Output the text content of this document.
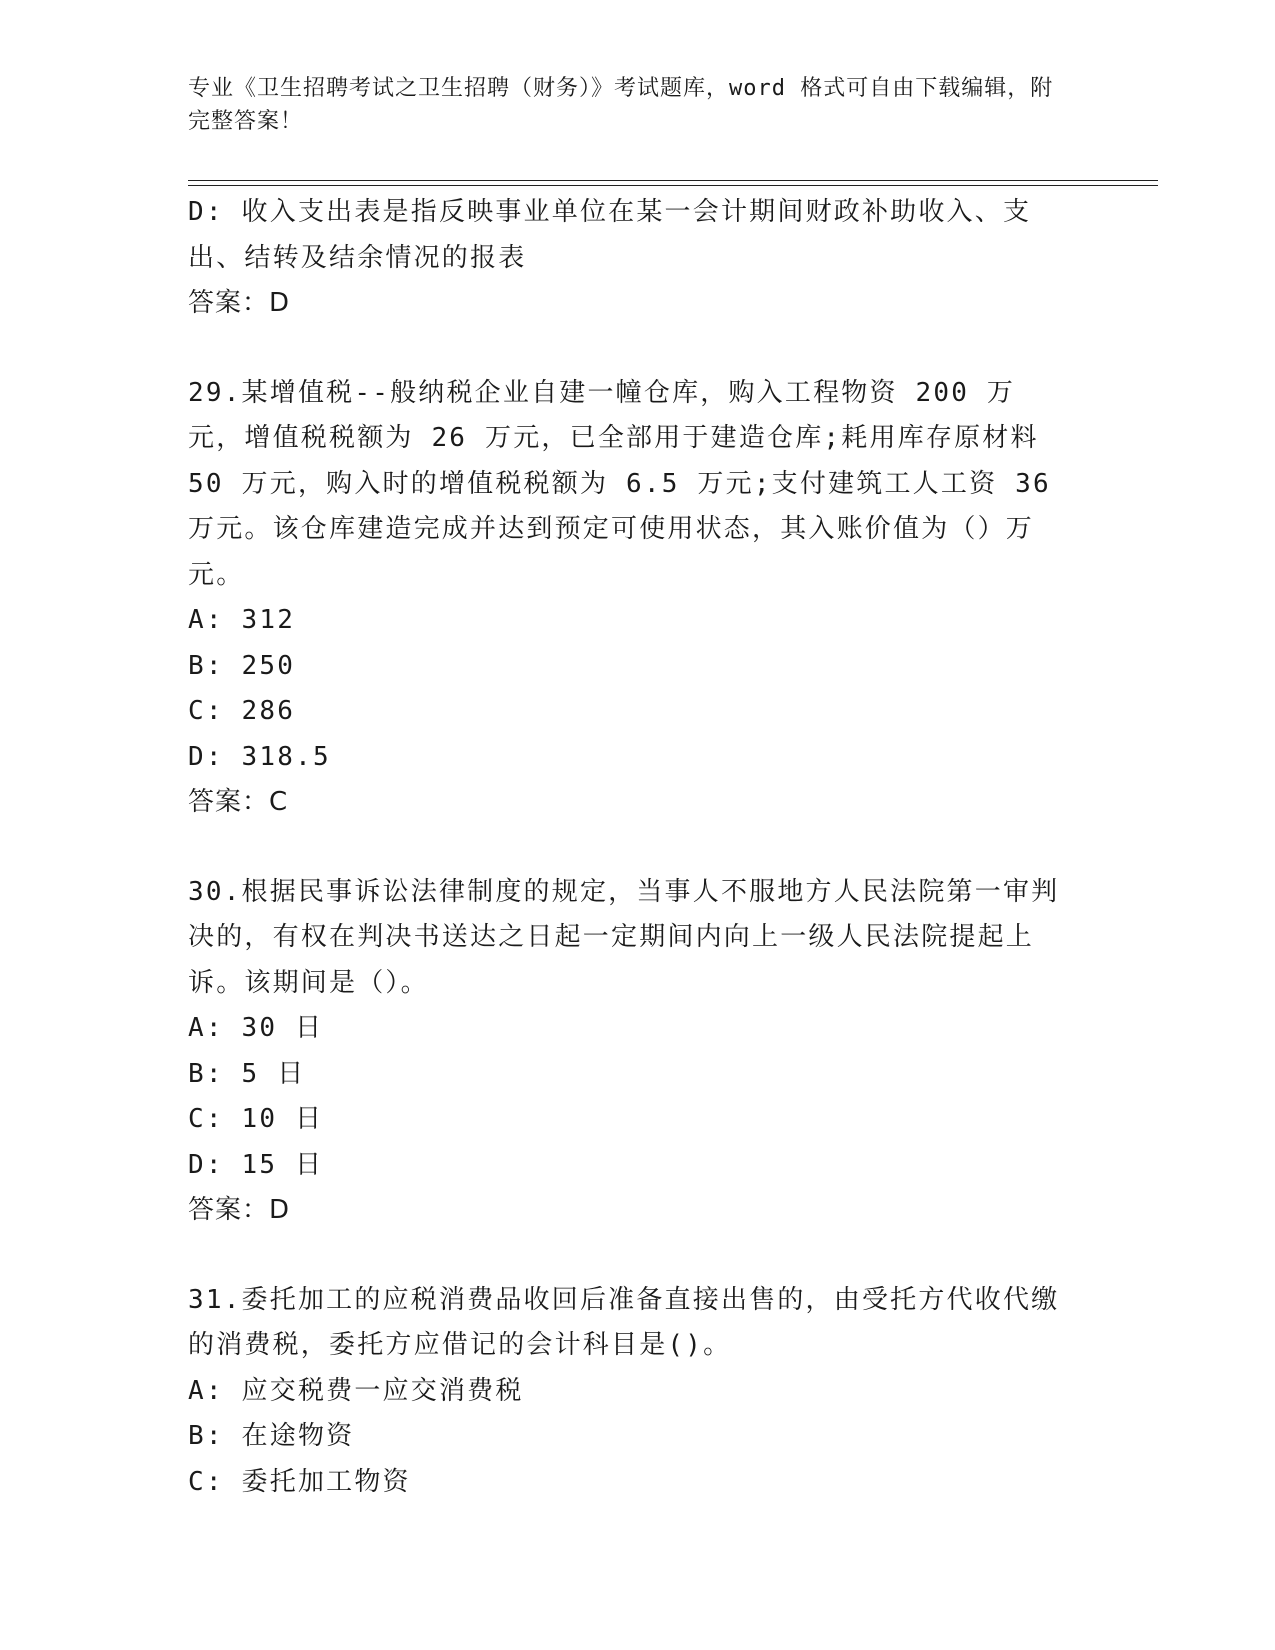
专业《卫生招聘考试之卫生招聘（财务）》考试题库，word 格式可自由下载编辑，附完整答案！
D: 收入支出表是指反映事业单位在某一会计期间财政补助收入、支出、结转及结余情况的报表
答案：D
29.某增值税--般纳税企业自建一幢仓库，购入工程物资 200 万元，增值税税额为 26 万元，已全部用于建造仓库;耗用库存原材料 50 万元，购入时的增值税税额为 6.5 万元;支付建筑工人工资 36 万元。该仓库建造完成并达到预定可使用状态，其入账价值为（）万元。
A: 312
B: 250
C: 286
D: 318.5
答案：C
30.根据民事诉讼法律制度的规定，当事人不服地方人民法院第一审判决的，有权在判决书送达之日起一定期间内向上一级人民法院提起上诉。该期间是（）。
A: 30 日
B: 5 日
C: 10 日
D: 15 日
答案：D
31.委托加工的应税消费品收回后准备直接出售的，由受托方代收代缴的消费税，委托方应借记的会计科目是()。
A: 应交税费一应交消费税
B: 在途物资
C: 委托加工物资
